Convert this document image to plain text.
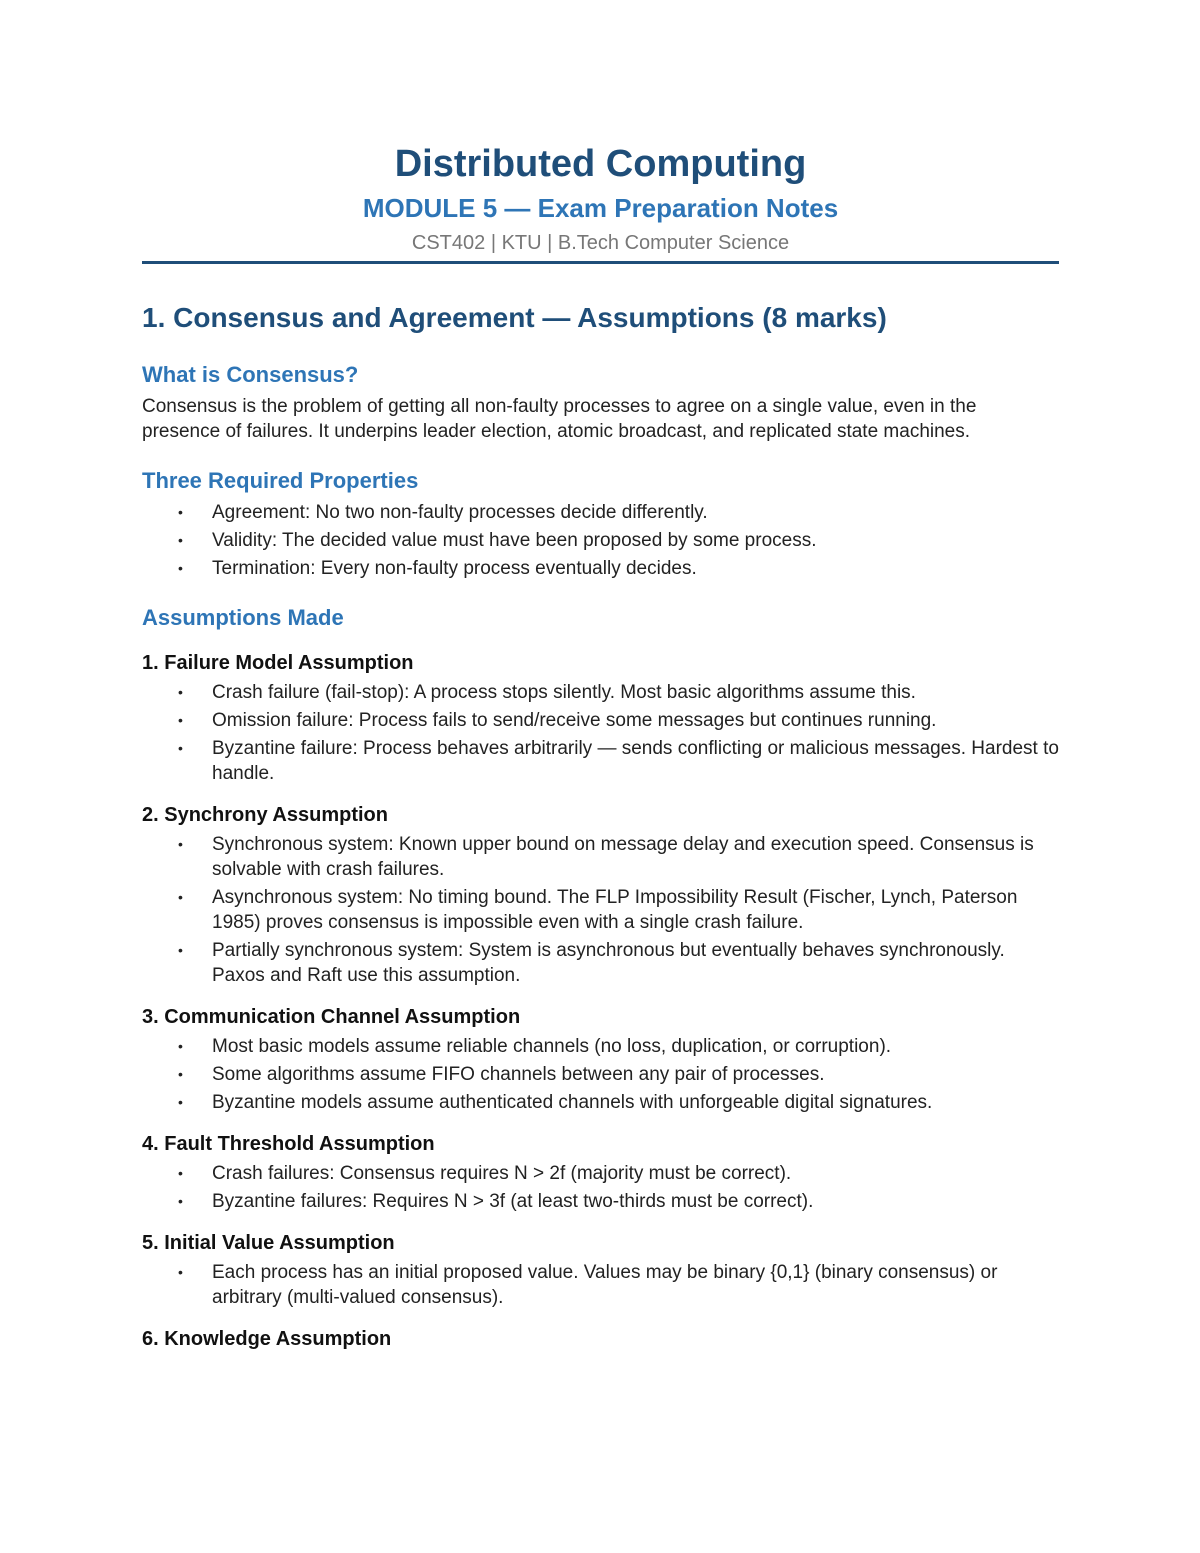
Distributed Computing
MODULE 5 — Exam Preparation Notes
CST402 | KTU | B.Tech Computer Science
1. Consensus and Agreement — Assumptions (8 marks)
What is Consensus?

Consensus is the problem of getting all non-faulty processes to agree on a single value, even in the presence of failures. It underpins leader election, atomic broadcast, and replicated state machines.

Three Required Properties
• Agreement: No two non-faulty processes decide differently.
• Validity: The decided value must have been proposed by some process.
• Termination: Every non-faulty process eventually decides.
Assumptions Made
1. Failure Model Assumption
• Crash failure (fail-stop): A process stops silently. Most basic algorithms assume this.
• Omission failure: Process fails to send/receive some messages but continues running.
• Byzantine failure: Process behaves arbitrarily — sends conflicting or malicious messages. Hardest to handle.
2. Synchrony Assumption
• Synchronous system: Known upper bound on message delay and execution speed. Consensus is solvable with crash failures.
• Asynchronous system: No timing bound. The FLP Impossibility Result (Fischer, Lynch, Paterson 1985) proves consensus is impossible even with a single crash failure.
• Partially synchronous system: System is asynchronous but eventually behaves synchronously. Paxos and Raft use this assumption.
3. Communication Channel Assumption
• Most basic models assume reliable channels (no loss, duplication, or corruption).
• Some algorithms assume FIFO channels between any pair of processes.
• Byzantine models assume authenticated channels with unforgeable digital signatures.
4. Fault Threshold Assumption
• Crash failures: Consensus requires N > 2f (majority must be correct).
• Byzantine failures: Requires N > 3f (at least two-thirds must be correct).
5. Initial Value Assumption
• Each process has an initial proposed value. Values may be binary {0,1} (binary consensus) or arbitrary (multi-valued consensus).
6. Knowledge Assumption
